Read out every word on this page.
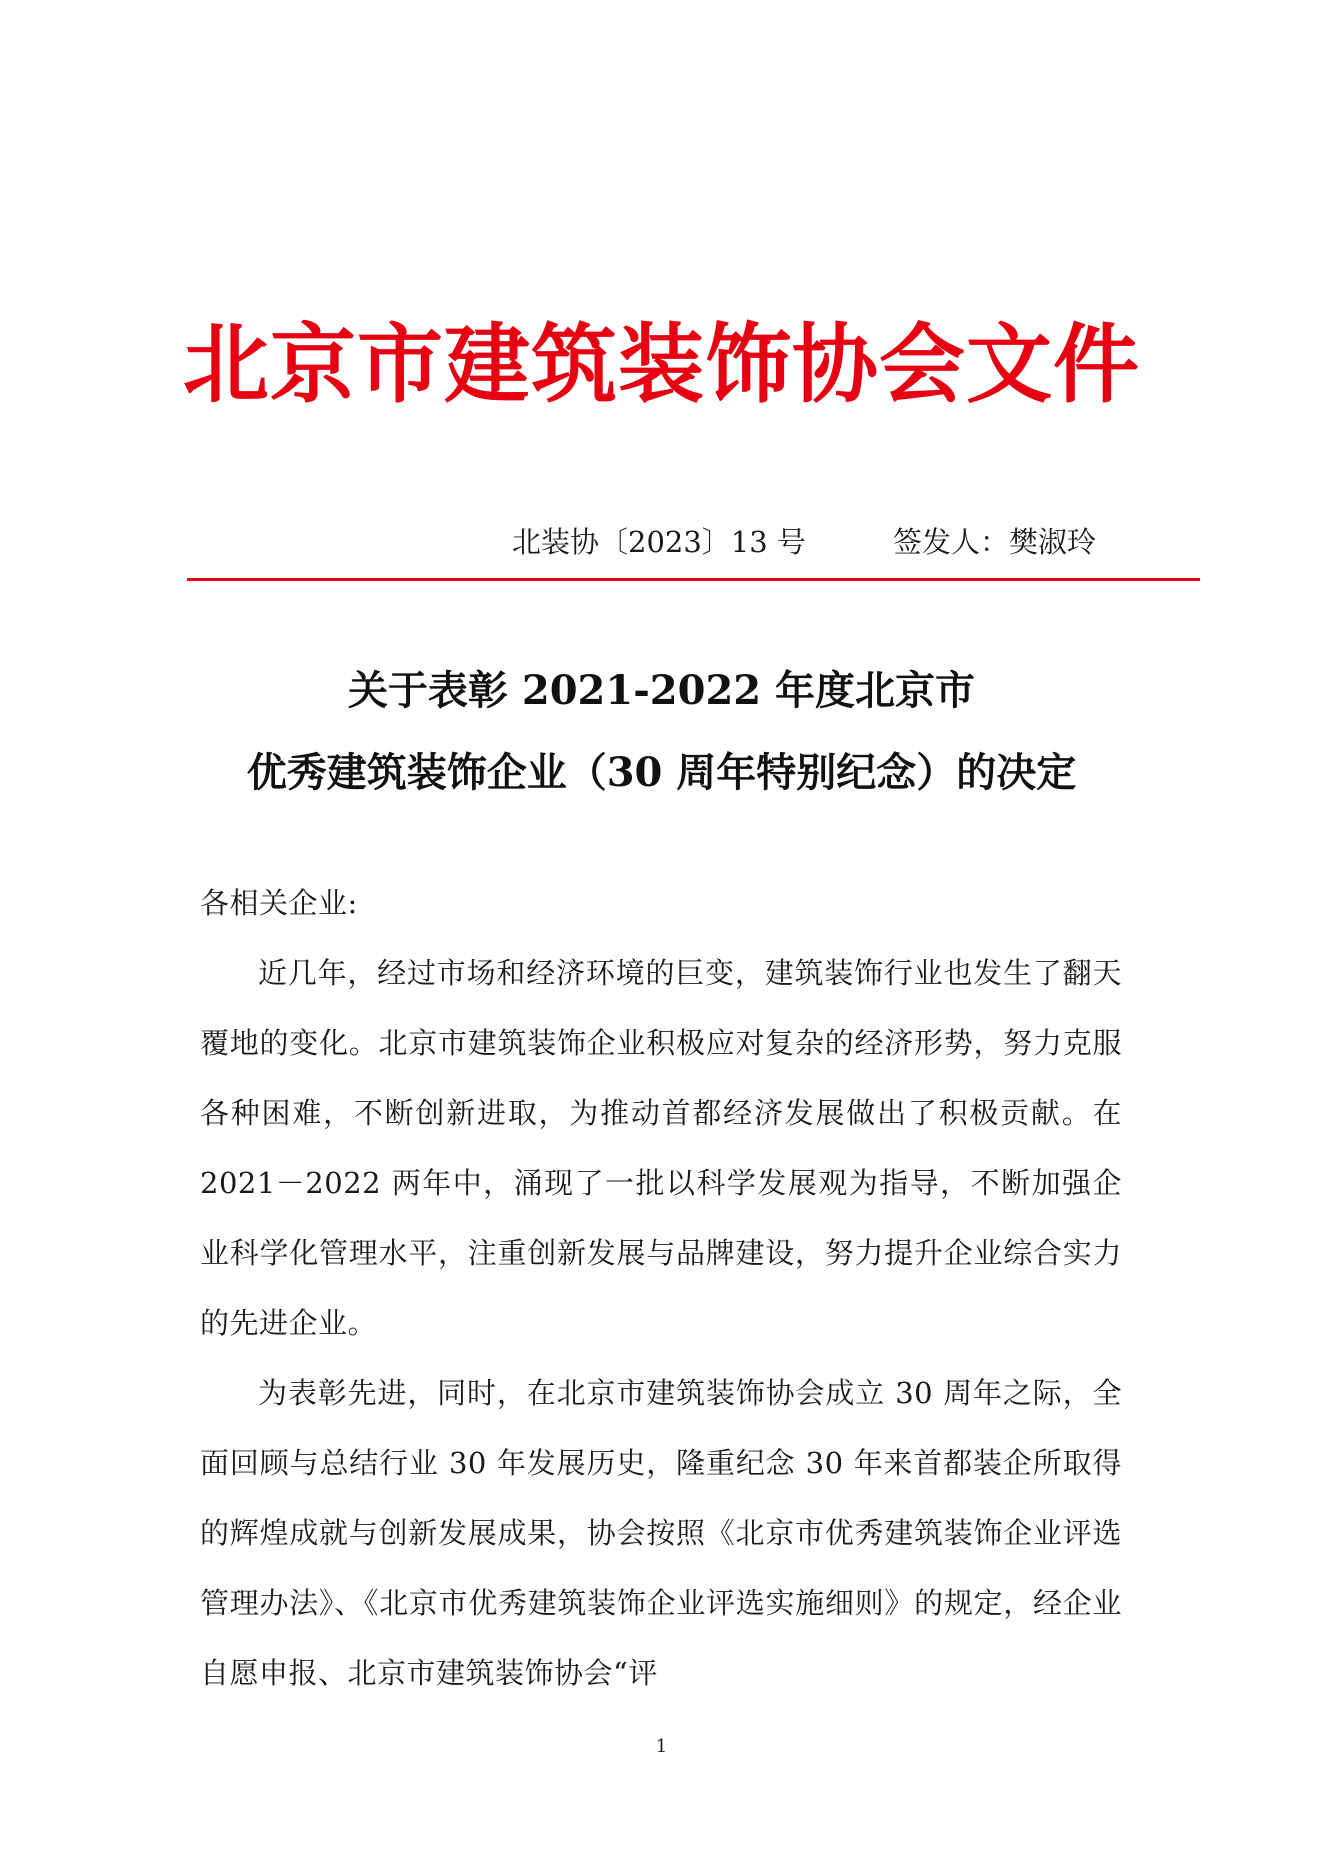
北京市建筑装饰协会文件
北装协〔2023〕13 号	签发人：樊淑玲
关于表彰 2021-2022 年度北京市
优秀建筑装饰企业（30 周年特别纪念）的决定

各相关企业:

近几年，经过市场和经济环境的巨变，建筑装饰行业也发生了翻天覆地的变化。北京市建筑装饰企业积极应对复杂的经济形势，努力克服各种困难，不断创新进取，为推动首都经济发展做出了积极贡献。在 2021－2022 两年中，涌现了一批以科学发展观为指导，不断加强企业科学化管理水平，注重创新发展与品牌建设，努力提升企业综合实力的先进企业。

为表彰先进，同时，在北京市建筑装饰协会成立 30 周年之际，全面回顾与总结行业 30 年发展历史，隆重纪念 30 年来首都装企所取得的辉煌成就与创新发展成果，协会按照《北京市优秀建筑装饰企业评选管理办法》、《北京市优秀建筑装饰企业评选实施细则》的规定，经企业自愿申报、北京市建筑装饰协会“评

1
